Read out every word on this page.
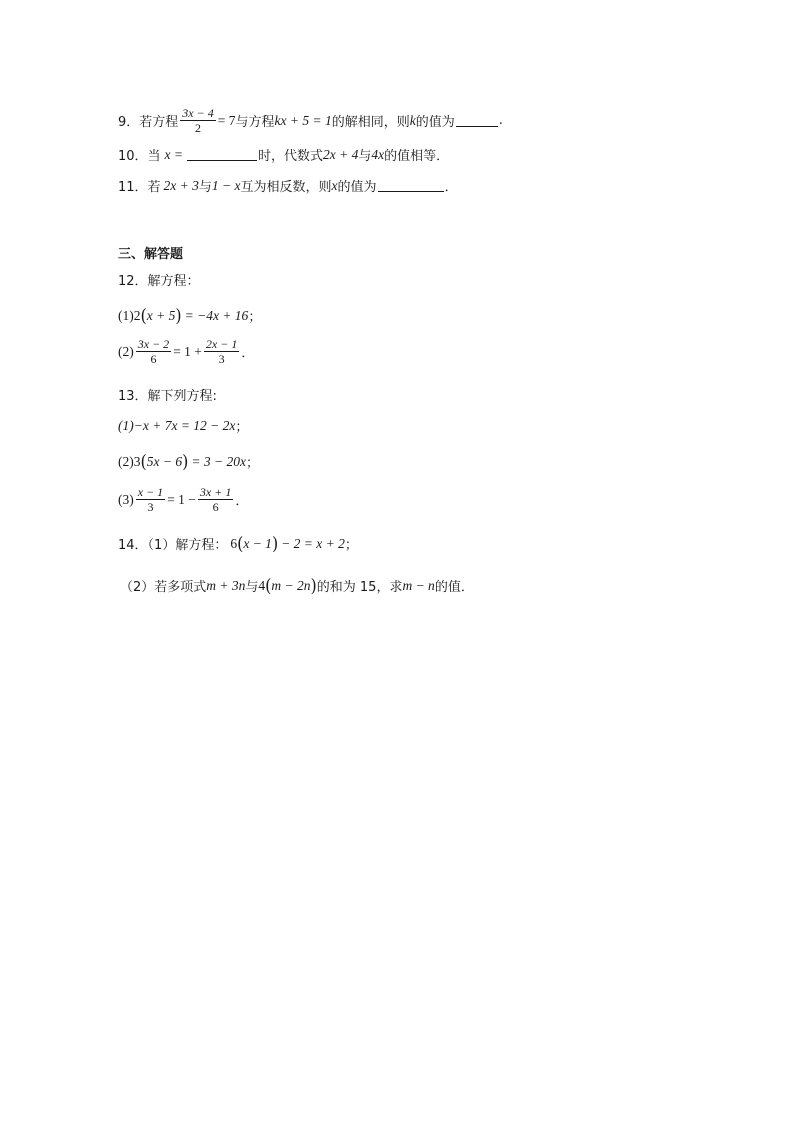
9．若方程 $\frac{3x - 4}{2} = 7$ 与方程 kx + 5 = 1 的解相同，则 k 的值为	.
10．当 x =	时，代数式 2x + 4 与 4x 的值相等．
11．若 2x + 3 与 1 − x 互为相反数，则 x 的值为	．
三、解答题
12．解方程：
(1) 2 ( x + 5 ) = −4x + 16 ；
$(2) \frac{3x - 2}{6} = 1 + \frac{2x - 1}{3}$ ．
13．解下列方程:
(1)−x + 7x = 12 − 2x ；
(2) 3 ( 5x − 6 ) = 3 − 20x ；
$(3) \frac{x - 1}{3} = 1 - \frac{3x + 1}{6}$ ．
14．（1）解方程： 6 ( x − 1 ) − 2 = x + 2 ；
（2）若多项式 m + 3n 与 4 ( m − 2n ) 的和为 15，求 m − n 的值．
